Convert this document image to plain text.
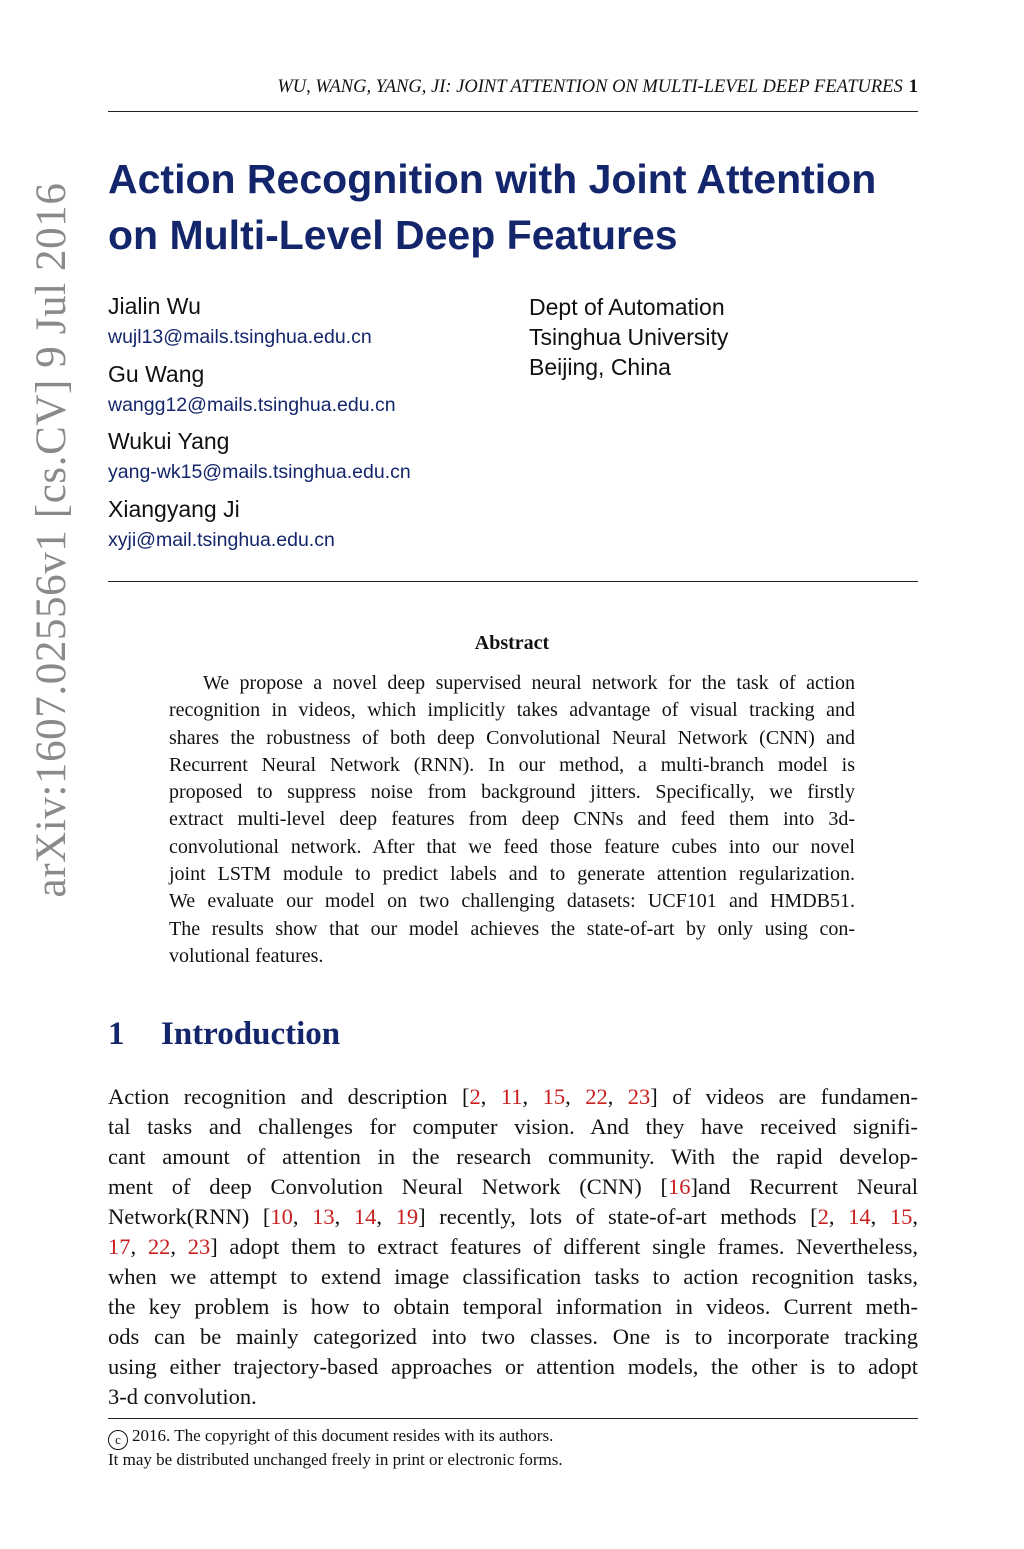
arXiv:1607.02556v1 [cs.CV] 9 Jul 2016
WU, WANG, YANG, JI: JOINT ATTENTION ON MULTI-LEVEL DEEP FEATURES 1
Action Recognition with Joint Attention
on Multi-Level Deep Features
Jialin Wu
wujl13@mails.tsinghua.edu.cn
Gu Wang
wangg12@mails.tsinghua.edu.cn
Wukui Yang
yang-wk15@mails.tsinghua.edu.cn
Xiangyang Ji
xyji@mail.tsinghua.edu.cn
Dept of Automation
Tsinghua University
Beijing, China
Abstract
We propose a novel deep supervised neural network for the task of action
recognition in videos, which implicitly takes advantage of visual tracking and
shares the robustness of both deep Convolutional Neural Network (CNN) and
Recurrent Neural Network (RNN). In our method, a multi-branch model is
proposed to suppress noise from background jitters. Specifically, we firstly
extract multi-level deep features from deep CNNs and feed them into 3d-
convolutional network. After that we feed those feature cubes into our novel
joint LSTM module to predict labels and to generate attention regularization.
We evaluate our model on two challenging datasets: UCF101 and HMDB51.
The results show that our model achieves the state-of-art by only using con-
volutional features.
1 Introduction
Action recognition and description [2, 11, 15, 22, 23] of videos are fundamen-
tal tasks and challenges for computer vision. And they have received signifi-
cant amount of attention in the research community. With the rapid develop-
ment of deep Convolution Neural Network (CNN) [16]and Recurrent Neural
Network(RNN) [10, 13, 14, 19] recently, lots of state-of-art methods [2, 14, 15,
17, 22, 23] adopt them to extract features of different single frames. Nevertheless,
when we attempt to extend image classification tasks to action recognition tasks,
the key problem is how to obtain temporal information in videos. Current meth-
ods can be mainly categorized into two classes. One is to incorporate tracking
using either trajectory-based approaches or attention models, the other is to adopt
3-d convolution.
c 2016. The copyright of this document resides with its authors.
It may be distributed unchanged freely in print or electronic forms.
